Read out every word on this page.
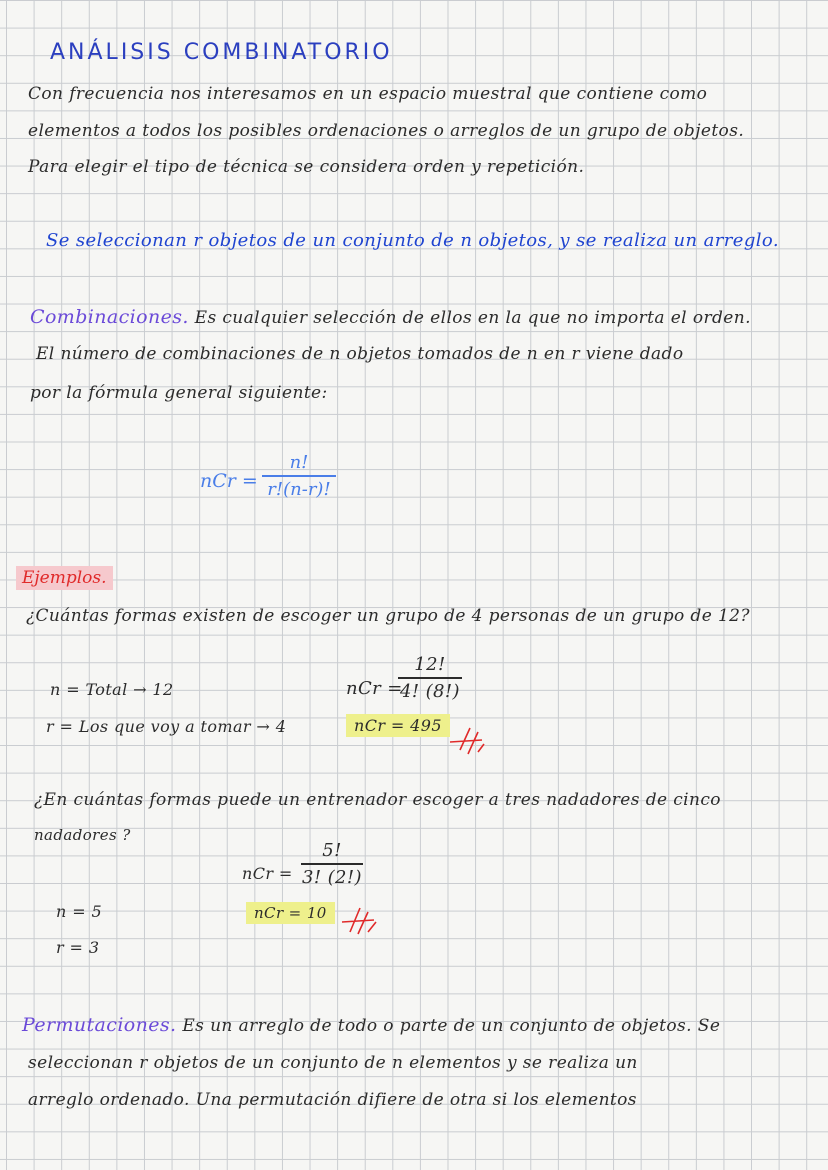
ANÁLISIS COMBINATORIO
Con frecuencia nos interesamos en un espacio muestral que contiene como
elementos a todos los posibles ordenaciones o arreglos de un grupo de objetos.
Para elegir el tipo de técnica se considera orden y repetición.
Se seleccionan r objetos de un conjunto de n objetos, y se realiza un arreglo.
Combinaciones. Es cualquier selección de ellos en la que no importa el orden.
El número de combinaciones de n objetos tomados de n en r viene dado
por la fórmula general siguiente:
nCr =
n!
r!(n-r)!
Ejemplos.
¿Cuántas formas existen de escoger un grupo de 4 personas de un grupo de 12?
n = Total → 12
r = Los que voy a tomar → 4
nCr =
12!
4! (8!)
nCr = 495
¿En cuántas formas puede un entrenador escoger a tres nadadores de cinco
nadadores ?
nCr =
5!
3! (2!)
nCr = 10
n = 5
r = 3
Permutaciones. Es un arreglo de todo o parte de un conjunto de objetos. Se
seleccionan r objetos de un conjunto de n elementos y se realiza un
arreglo ordenado. Una permutación difiere de otra si los elementos
